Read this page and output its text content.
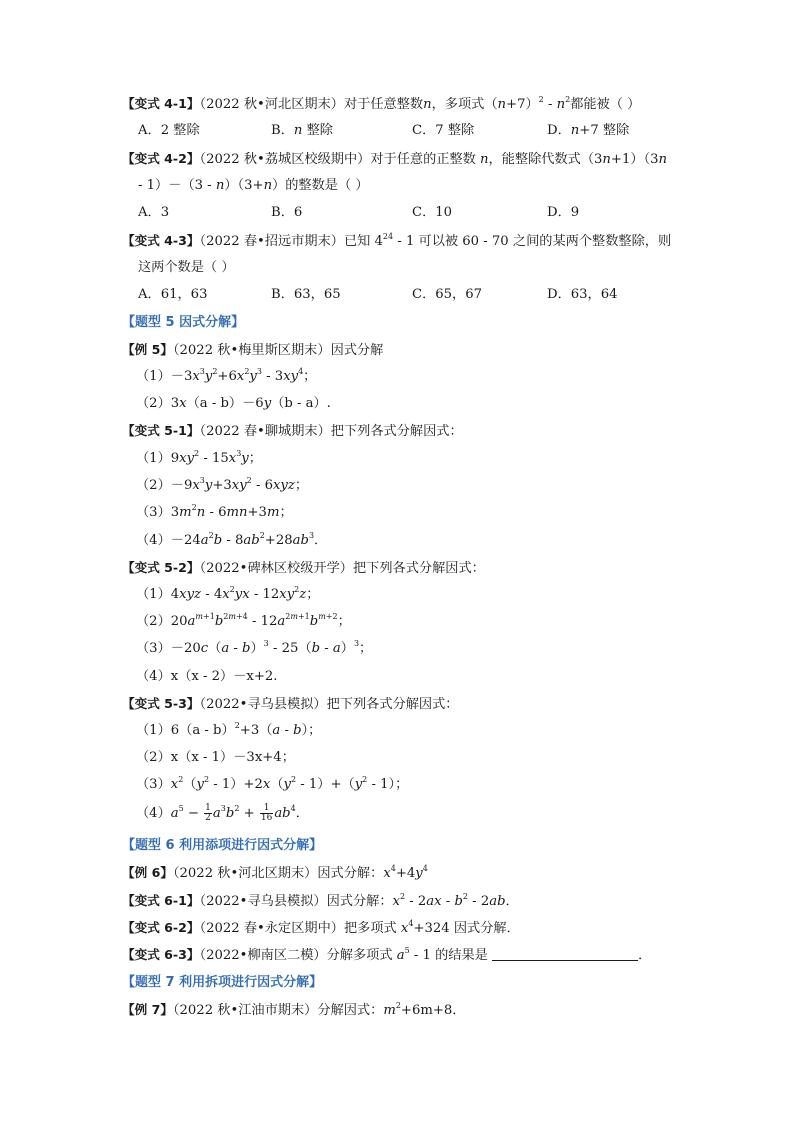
【变式 4-1】（2022 秋•河北区期末）对于任意整数n，多项式$(n+7)^2 - n^2$都能被（ ）
A．2 整除	B．n 整除	C．7 整除	D．n+7 整除
【变式 4-2】（2022 秋•荔城区校级期中）对于任意的正整数 n，能整除代数式（3n+1）（3n
- 1）－（3 - n）（3+n）的整数是（ ）
A．3	B．6	C．10	D．9
【变式 4-3】（2022 春•招远市期末）已知 $4^{24} - 1$ 可以被 60 - 70 之间的某两个整数整除，则
这两个数是（ ）
A．61，63	B．63，65	C．65，67	D．63，64
【题型 5 因式分解】
【例 5】（2022 秋•梅里斯区期末）因式分解
$(1)-3x^3y^2+6x^2y^3 - 3xy^4$；
（2）3x（a - b）－6y（b - a）.
【变式 5-1】（2022 春•聊城期末）把下列各式分解因式：
$(1)9xy^2 - 15x^3y$；
$(2)-9x^3y+3xy^2 - 6xyz$；
$(3)3m^2n - 6mn+3m$；
$(4)-24a^2b - 8ab^2+28ab^3$．
【变式 5-2】（2022•碑林区校级开学）把下列各式分解因式：
$(1)4xyz - 4x^2yx - 12xy^2z$；
$(2)20a^{m+1}b^{2m+4} - 12a^{2m+1}b^{m+2}$；
（3）－20c（a - b）$^3$ - 25（b - a）$^3$；
（4）x（x - 2）－x+2.
【变式 5-3】（2022•寻乌县模拟）把下列各式分解因式：
（1）6（a - b）$^2$+3（a - b）；
（2）x（x - 1）－3x+4；
$(3)x^2(y^2 - 1)+2x(y^2 - 1)+(y^2 - 1)$；
$(4)a^5 - \frac{1}{2} a^3b^2 + \frac{1}{16} ab^4$．
【题型 6 利用添项进行因式分解】
【例 6】（2022 秋•河北区期末）因式分解：$x^4+4y^4$
【变式 6-1】（2022•寻乌县模拟）因式分解：$x^2 - 2ax - b^2 - 2ab$．
【变式 6-2】（2022 春•永定区期中）把多项式 $x^4+324$ 因式分解．
【变式 6-3】（2022•柳南区二模）分解多项式 $a^5 - 1$ 的结果是	．
【题型 7 利用拆项进行因式分解】
【例 7】（2022 秋•江油市期末）分解因式：$m^2+6m+8$．
